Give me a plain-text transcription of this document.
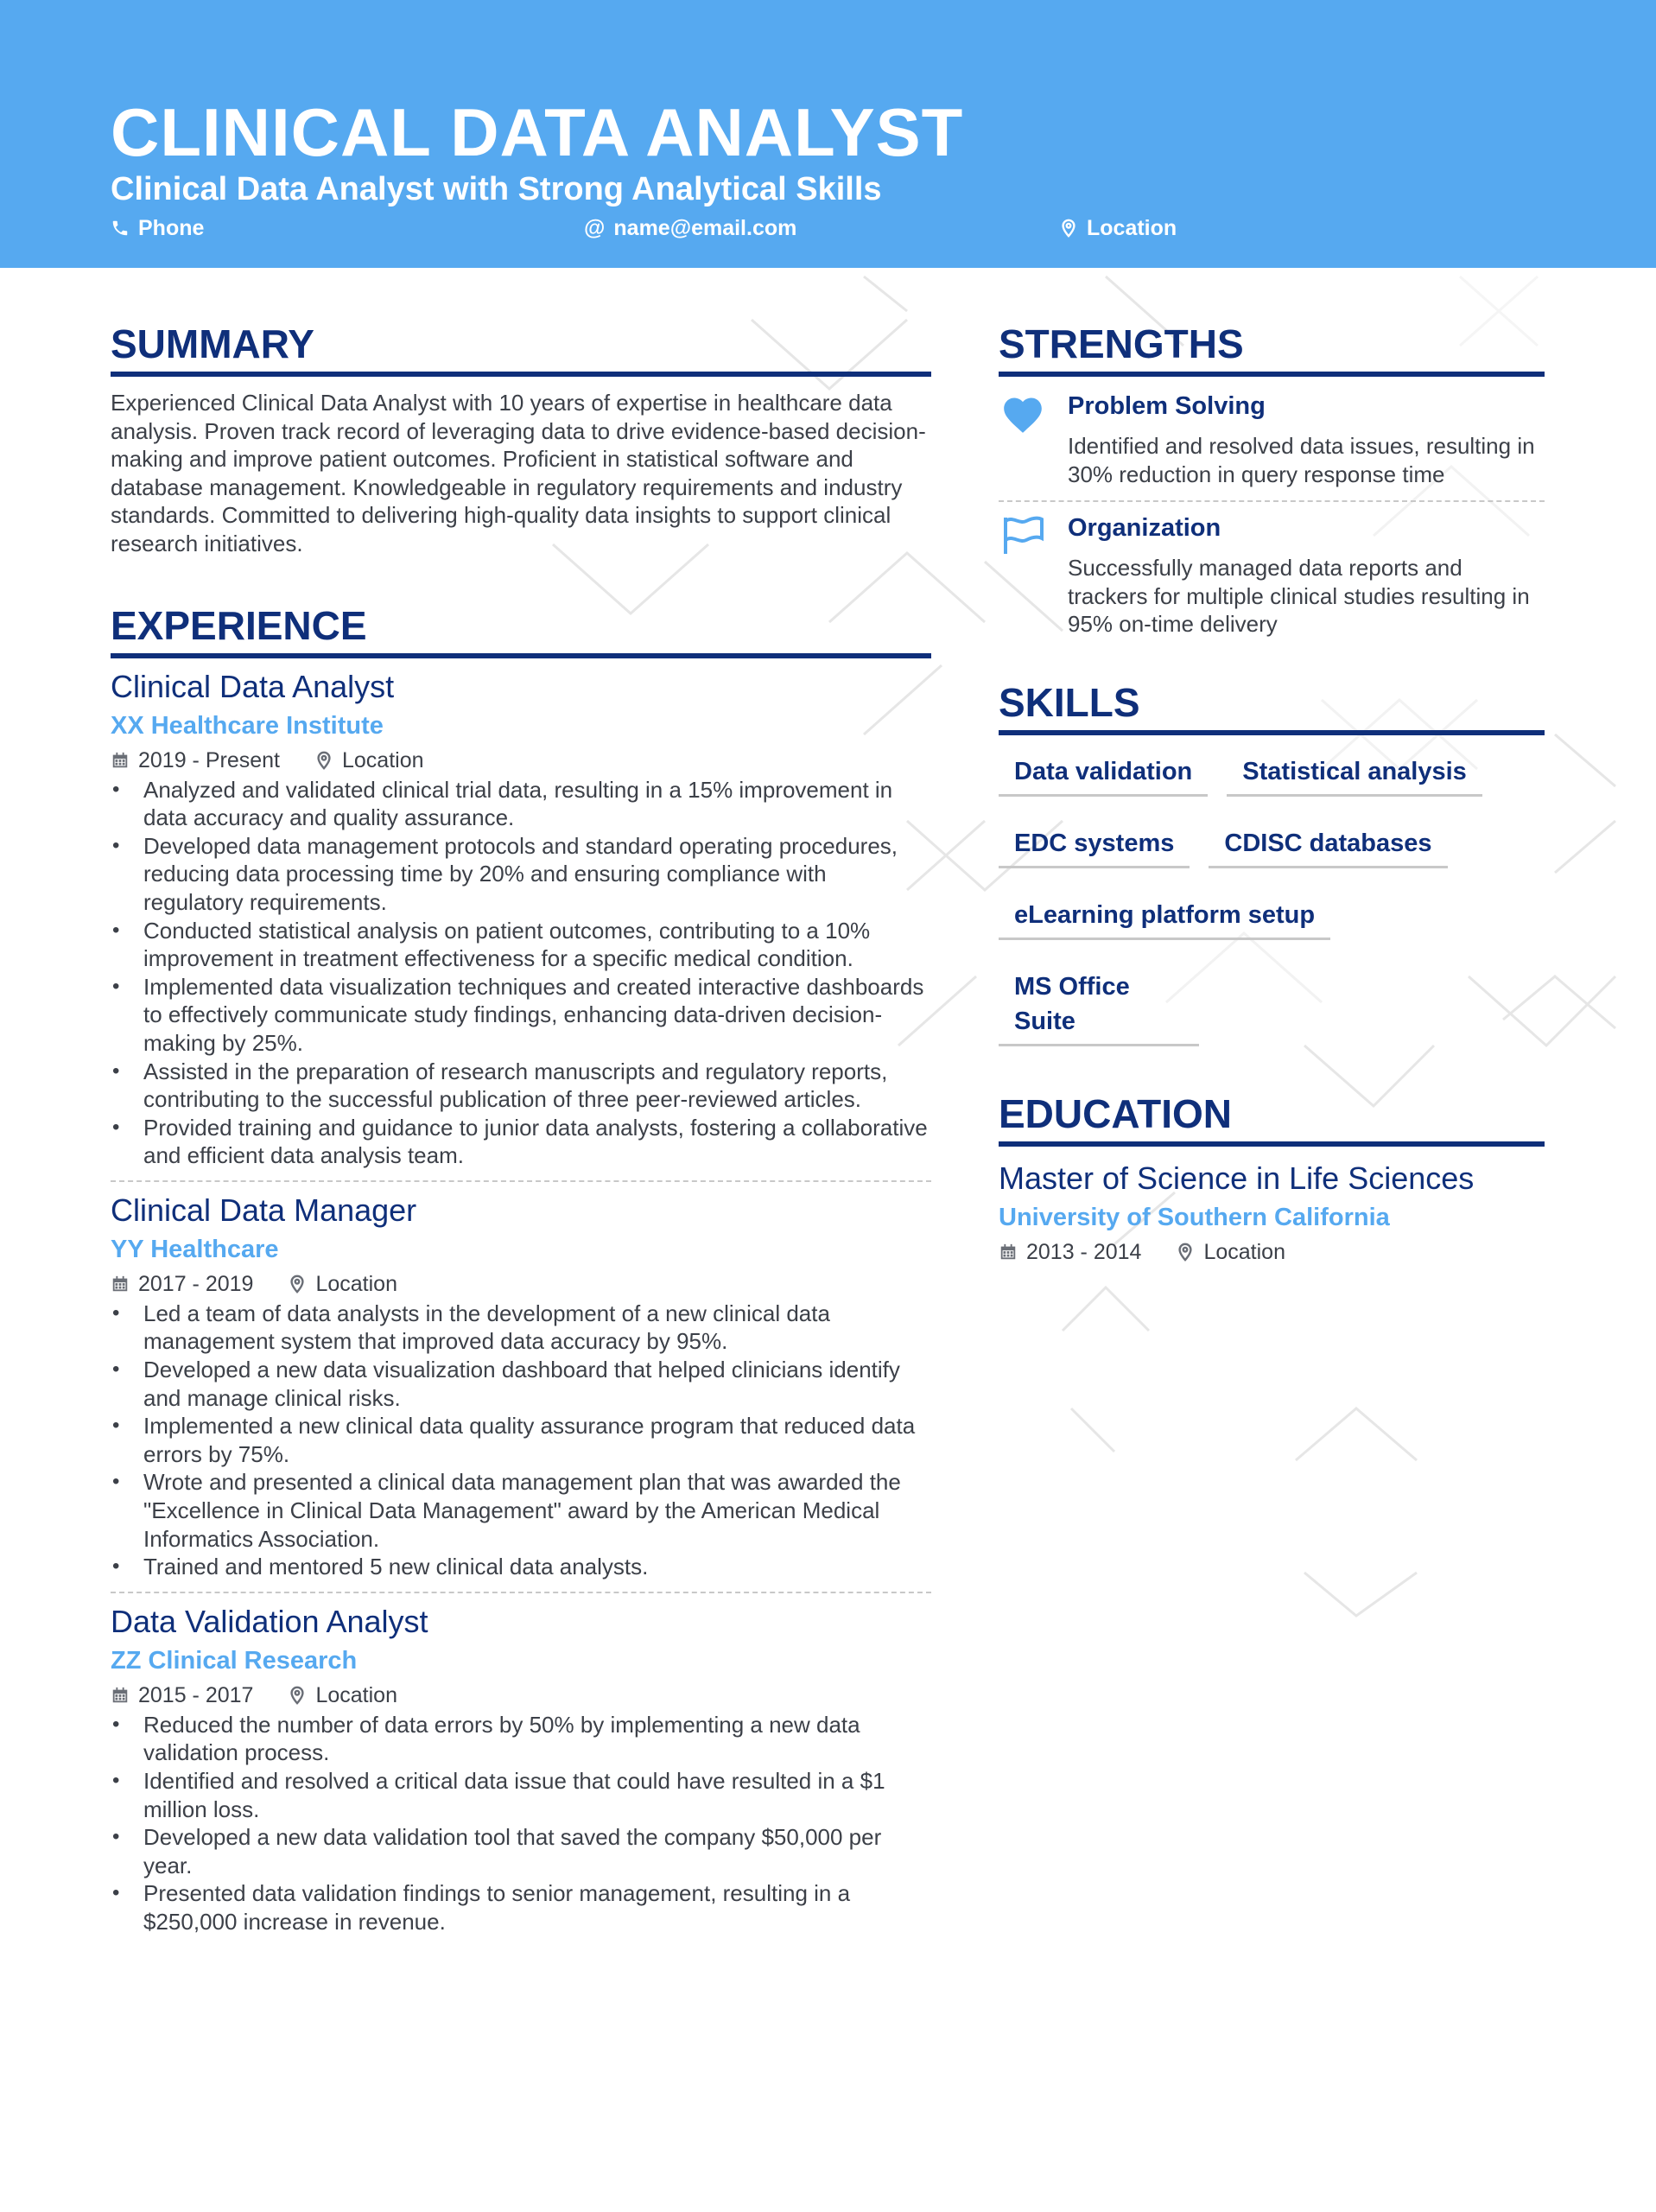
CLINICAL DATA ANALYST

Clinical Data Analyst with Strong Analytical Skills

Phone	@ name@email.com	Location
SUMMARY

Experienced Clinical Data Analyst with 10 years of expertise in healthcare data analysis. Proven track record of leveraging data to drive evidence-based decision-making and improve patient outcomes. Proficient in statistical software and database management. Knowledgeable in regulatory requirements and industry standards. Committed to delivering high-quality data insights to support clinical research initiatives.

EXPERIENCE
Clinical Data Analyst

XX Healthcare Institute

2019 - Present	Location
• Analyzed and validated clinical trial data, resulting in a 15% improvement in data accuracy and quality assurance.
• Developed data management protocols and standard operating procedures, reducing data processing time by 20% and ensuring compliance with regulatory requirements.
• Conducted statistical analysis on patient outcomes, contributing to a 10% improvement in treatment effectiveness for a specific medical condition.
• Implemented data visualization techniques and created interactive dashboards to effectively communicate study findings, enhancing data-driven decision-making by 25%.
• Assisted in the preparation of research manuscripts and regulatory reports, contributing to the successful publication of three peer-reviewed articles.
• Provided training and guidance to junior data analysts, fostering a collaborative and efficient data analysis team.
Clinical Data Manager

YY Healthcare

2017 - 2019	Location
• Led a team of data analysts in the development of a new clinical data management system that improved data accuracy by 95%.
• Developed a new data visualization dashboard that helped clinicians identify and manage clinical risks.
• Implemented a new clinical data quality assurance program that reduced data errors by 75%.
• Wrote and presented a clinical data management plan that was awarded the "Excellence in Clinical Data Management" award by the American Medical Informatics Association.
• Trained and mentored 5 new clinical data analysts.
Data Validation Analyst

ZZ Clinical Research

2015 - 2017	Location
• Reduced the number of data errors by 50% by implementing a new data validation process.
• Identified and resolved a critical data issue that could have resulted in a $1 million loss.
• Developed a new data validation tool that saved the company $50,000 per year.
• Presented data validation findings to senior management, resulting in a $250,000 increase in revenue.
STRENGTHS

Problem Solving

Identified and resolved data issues, resulting in 30% reduction in query response time

Organization

Successfully managed data reports and trackers for multiple clinical studies resulting in 95% on-time delivery

SKILLS
Data validation	Statistical analysis
EDC systems	CDISC databases
eLearning platform setup
MS Office Suite
EDUCATION
Master of Science in Life Sciences

University of Southern California

2013 - 2014	Location
